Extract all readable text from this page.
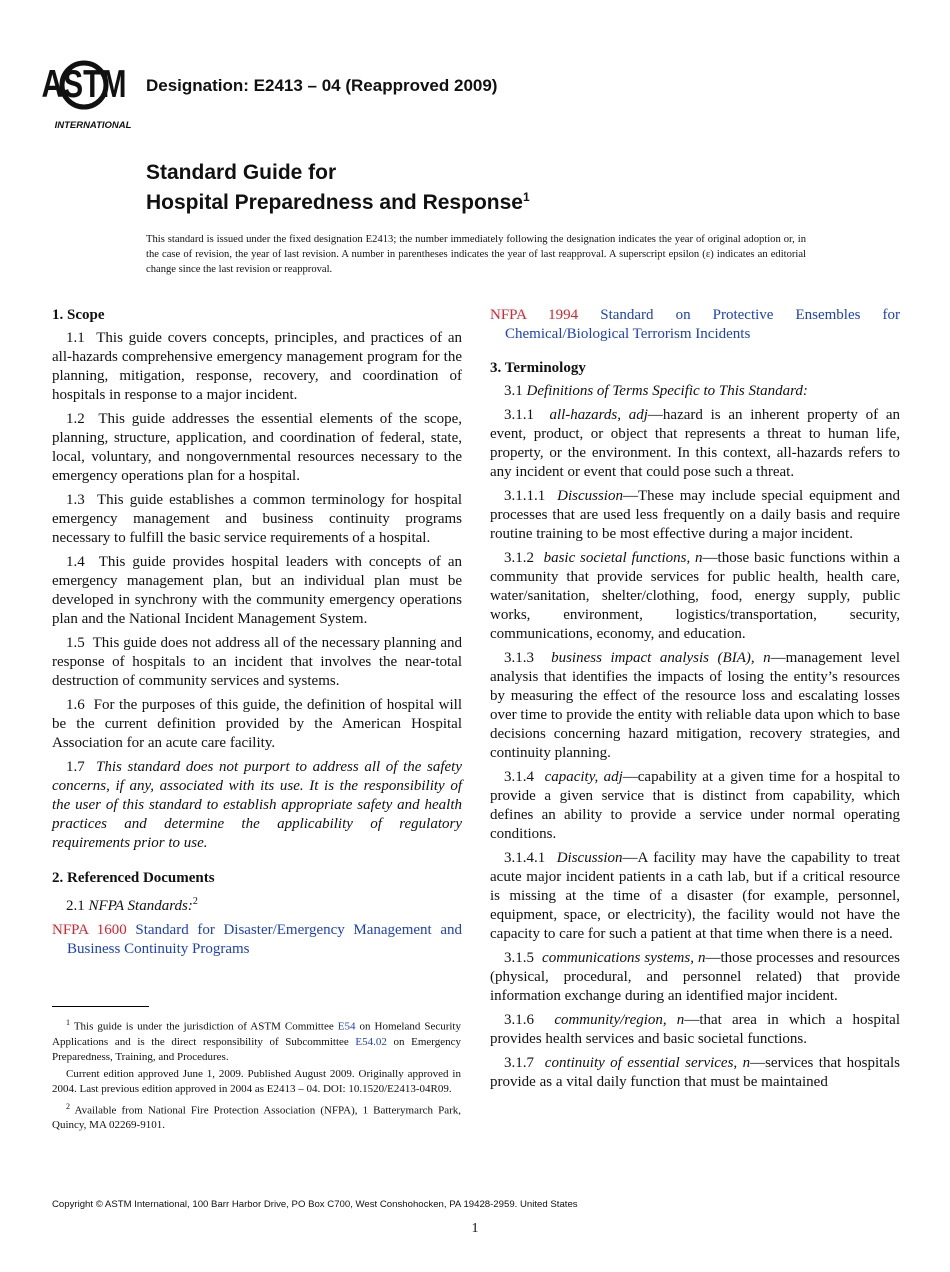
ASTM
INTERNATIONAL
Designation: E2413 – 04 (Reapproved 2009)
Standard Guide for
Hospital Preparedness and Response$^1$
This standard is issued under the fixed designation E2413; the number immediately following the designation indicates the year of original adoption or, in the case of revision, the year of last revision. A number in parentheses indicates the year of last reapproval. A superscript epsilon (ε) indicates an editorial change since the last revision or reapproval.
1. Scope
1.1 This guide covers concepts, principles, and practices of an all-hazards comprehensive emergency management program for the planning, mitigation, response, recovery, and coordination of hospitals in response to a major incident.
1.2 This guide addresses the essential elements of the scope, planning, structure, application, and coordination of federal, state, local, voluntary, and nongovernmental resources necessary to the emergency operations plan for a hospital.
1.3 This guide establishes a common terminology for hospital emergency management and business continuity programs necessary to fulfill the basic service requirements of a hospital.
1.4 This guide provides hospital leaders with concepts of an emergency management plan, but an individual plan must be developed in synchrony with the community emergency operations plan and the National Incident Management System.
1.5 This guide does not address all of the necessary planning and response of hospitals to an incident that involves the near-total destruction of community services and systems.
1.6 For the purposes of this guide, the definition of hospital will be the current definition provided by the American Hospital Association for an acute care facility.
1.7 This standard does not purport to address all of the safety concerns, if any, associated with its use. It is the responsibility of the user of this standard to establish appropriate safety and health practices and determine the applicability of regulatory requirements prior to use.
2. Referenced Documents
2.1 NFPA Standards:$^2$
NFPA 1600 Standard for Disaster/Emergency Management and Business Continuity Programs
NFPA 1994 Standard on Protective Ensembles for Chemical/Biological Terrorism Incidents
3. Terminology
3.1 Definitions of Terms Specific to This Standard:
3.1.1 all-hazards, adj—hazard is an inherent property of an event, product, or object that represents a threat to human life, property, or the environment. In this context, all-hazards refers to any incident or event that could pose such a threat.
3.1.1.1 Discussion—These may include special equipment and processes that are used less frequently on a daily basis and require routine training to be most effective during a major incident.
3.1.2 basic societal functions, n—those basic functions within a community that provide services for public health, health care, water/sanitation, shelter/clothing, food, energy supply, public works, environment, logistics/transportation, security, communications, economy, and education.
3.1.3 business impact analysis (BIA), n—management level analysis that identifies the impacts of losing the entity’s resources by measuring the effect of the resource loss and escalating losses over time to provide the entity with reliable data upon which to base decisions concerning hazard mitigation, recovery strategies, and continuity planning.
3.1.4 capacity, adj—capability at a given time for a hospital to provide a given service that is distinct from capability, which defines an ability to provide a service under normal operating conditions.
3.1.4.1 Discussion—A facility may have the capability to treat acute major incident patients in a cath lab, but if a critical resource is missing at the time of a disaster (for example, personnel, equipment, space, or electricity), the facility would not have the capacity to care for such a patient at that time when there is a need.
3.1.5 communications systems, n—those processes and resources (physical, procedural, and personnel related) that provide information exchange during an identified major incident.
3.1.6 community/region, n—that area in which a hospital provides health services and basic societal functions.
3.1.7 continuity of essential services, n—services that hospitals provide as a vital daily function that must be maintained

$^1$ This guide is under the jurisdiction of ASTM Committee E54 on Homeland Security Applications and is the direct responsibility of Subcommittee E54.02 on Emergency Preparedness, Training, and Procedures.

Current edition approved June 1, 2009. Published August 2009. Originally approved in 2004. Last previous edition approved in 2004 as E2413 – 04. DOI: 10.1520/E2413-04R09.

$^2$ Available from National Fire Protection Association (NFPA), 1 Batterymarch Park, Quincy, MA 02269-9101.

Copyright © ASTM International, 100 Barr Harbor Drive, PO Box C700, West Conshohocken, PA 19428-2959. United States
1
